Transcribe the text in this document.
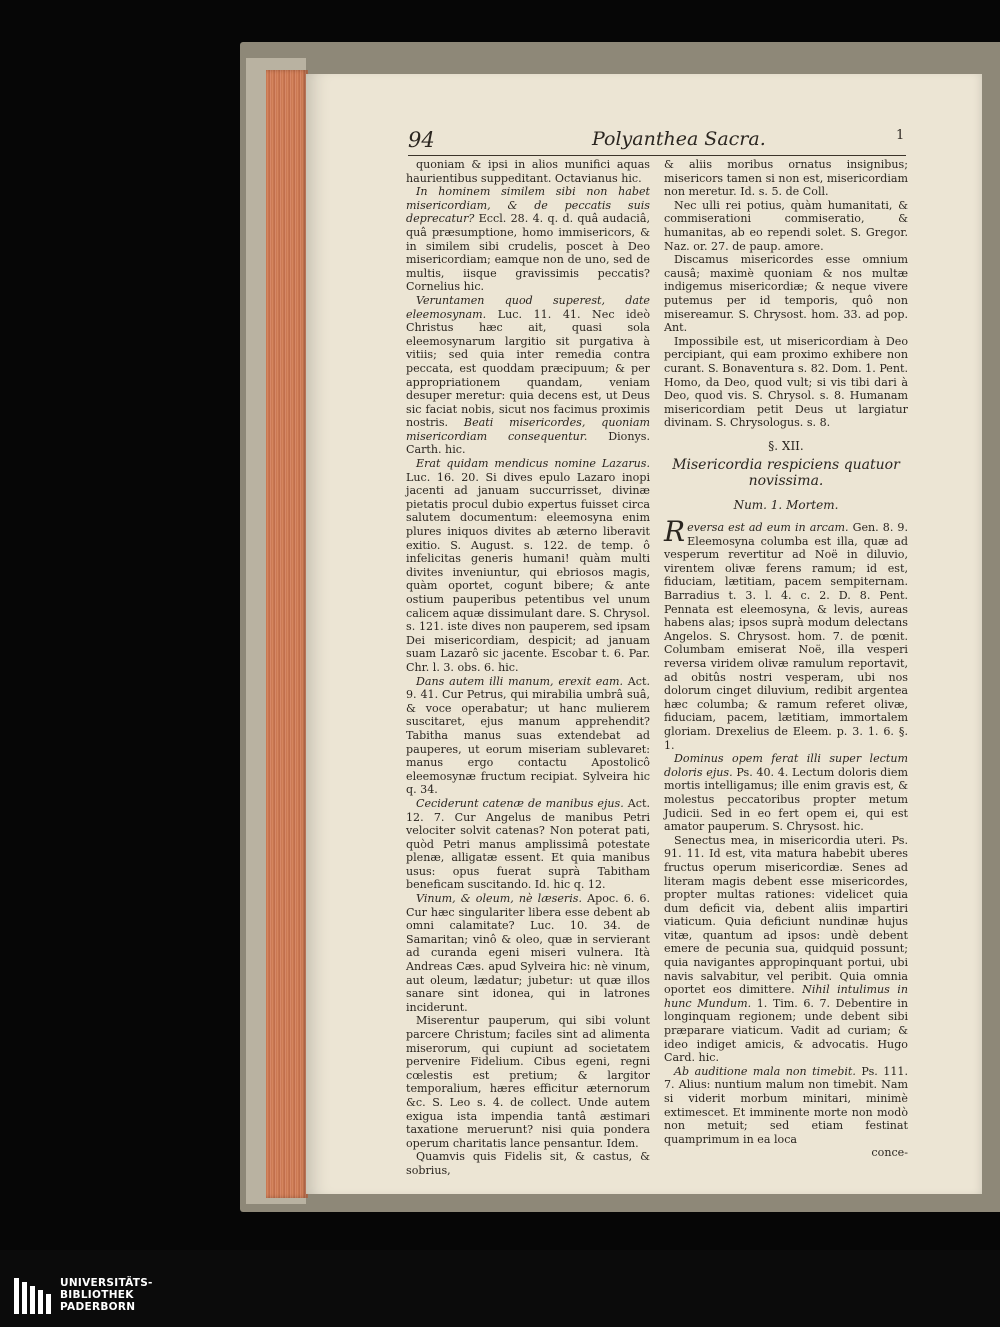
94	Polyanthea Sacra.	1

quoniam & ipsi in alios munifici aquas haurientibus suppeditant. Octavianus hic.

In hominem similem sibi non habet misericordiam, & de peccatis suis deprecatur? Eccl. 28. 4. q. d. quâ audaciâ, quâ præsumptione, homo immisericors, & in similem sibi crudelis, poscet à Deo misericordiam; eamque non de uno, sed de multis, iisque gravissimis peccatis? Cornelius hic.

Veruntamen quod superest, date eleemosynam. Luc. 11. 41. Nec ideò Christus hæc ait, quasi sola eleemosynarum largitio sit purgativa à vitiis; sed quia inter remedia contra peccata, est quoddam præcipuum; & per appropriationem quandam, veniam desuper meretur: quia decens est, ut Deus sic faciat nobis, sicut nos facimus proximis nostris. Beati misericordes, quoniam misericordiam consequentur. Dionys. Carth. hic.

Erat quidam mendicus nomine Lazarus. Luc. 16. 20. Si dives epulo Lazaro inopi jacenti ad januam succurrisset, divinæ pietatis procul dubio expertus fuisset circa salutem documentum: eleemosyna enim plures iniquos divites ab æterno liberavit exitio. S. August. s. 122. de temp. ô infelicitas generis humani! quàm multi divites inveniuntur, qui ebriosos magis, quàm oportet, cogunt bibere; & ante ostium pauperibus petentibus vel unum calicem aquæ dissimulant dare. S. Chrysol. s. 121. iste dives non pauperem, sed ipsam Dei misericordiam, despicit; ad januam suam Lazarô sic jacente. Escobar t. 6. Par. Chr. l. 3. obs. 6. hic.

Dans autem illi manum, erexit eam. Act. 9. 41. Cur Petrus, qui mirabilia umbrâ suâ, & voce operabatur; ut hanc mulierem suscitaret, ejus manum apprehendit? Tabitha manus suas extendebat ad pauperes, ut eorum miseriam sublevaret: manus ergo contactu Apostolicô eleemosynæ fructum recipiat. Sylveira hic q. 34.

Ceciderunt catenæ de manibus ejus. Act. 12. 7. Cur Angelus de manibus Petri velociter solvit catenas? Non poterat pati, quòd Petri manus amplissimâ potestate plenæ, alligatæ essent. Et quia manibus usus: opus fuerat suprà Tabitham beneficam suscitando. Id. hic q. 12.

Vinum, & oleum, nè læseris. Apoc. 6. 6. Cur hæc singulariter libera esse debent ab omni calamitate? Luc. 10. 34. de Samaritan; vinô & oleo, quæ in servierant ad curanda egeni miseri vulnera. Ità Andreas Cæs. apud Sylveira hic: nè vinum, aut oleum, lædatur; jubetur: ut quæ illos sanare sint idonea, qui in latrones inciderunt.

Miserentur pauperum, qui sibi volunt parcere Christum; faciles sint ad alimenta miserorum, qui cupiunt ad societatem pervenire Fidelium. Cibus egeni, regni cœlestis est pretium; & largitor temporalium, hæres efficitur æternorum &c. S. Leo s. 4. de collect. Unde autem exigua ista impendia tantâ æstimari taxatione meruerunt? nisi quia pondera operum charitatis lance pensantur. Idem.

Quamvis quis Fidelis sit, & castus, & sobrius,

& aliis moribus ornatus insignibus; misericors tamen si non est, misericordiam non meretur. Id. s. 5. de Coll.

Nec ulli rei potius, quàm humanitati, & commiserationi commiseratio, & humanitas, ab eo rependi solet. S. Gregor. Naz. or. 27. de paup. amore.

Discamus misericordes esse omnium causâ; maximè quoniam & nos multæ indigemus misericordiæ; & neque vivere putemus per id temporis, quô non misereamur. S. Chrysost. hom. 33. ad pop. Ant.

Impossibile est, ut misericordiam à Deo percipiant, qui eam proximo exhibere non curant. S. Bonaventura s. 82. Dom. 1. Pent. Homo, da Deo, quod vult; si vis tibi dari à Deo, quod vis. S. Chrysol. s. 8. Humanam misericordiam petit Deus ut largiatur divinam. S. Chrysologus. s. 8.

§. XII.

Misericordia respiciens quatuor novissima.

Num. 1. Mortem.

Reversa est ad eum in arcam. Gen. 8. 9. Eleemosyna columba est illa, quæ ad vesperum revertitur ad Noë in diluvio, virentem olivæ ferens ramum; id est, fiduciam, lætitiam, pacem sempiternam. Barradius t. 3. l. 4. c. 2. D. 8. Pent. Pennata est eleemosyna, & levis, aureas habens alas; ipsos suprà modum delectans Angelos. S. Chrysost. hom. 7. de pœnit. Columbam emiserat Noë, illa vesperi reversa viridem olivæ ramulum reportavit, ad obitûs nostri vesperam, ubi nos dolorum cinget diluvium, redibit argentea hæc columba; & ramum referet olivæ, fiduciam, pacem, lætitiam, immortalem gloriam. Drexelius de Eleem. p. 3. 1. 6. §. 1.

Dominus opem ferat illi super lectum doloris ejus. Ps. 40. 4. Lectum doloris diem mortis intelligamus; ille enim gravis est, & molestus peccatoribus propter metum Judicii. Sed in eo fert opem ei, qui est amator pauperum. S. Chrysost. hic.

Senectus mea, in misericordia uteri. Ps. 91. 11. Id est, vita matura habebit uberes fructus operum misericordiæ. Senes ad literam magis debent esse misericordes, propter multas rationes: videlicet quia dum deficit via, debent aliis impartiri viaticum. Quia deficiunt nundinæ hujus vitæ, quantum ad ipsos: undè debent emere de pecunia sua, quidquid possunt; quia navigantes appropinquant portui, ubi navis salvabitur, vel peribit. Quia omnia oportet eos dimittere. Nihil intulimus in hunc Mundum. 1. Tim. 6. 7. Debentire in longinquam regionem; unde debent sibi præparare viaticum. Vadit ad curiam; & ideo indiget amicis, & advocatis. Hugo Card. hic.

Ab auditione mala non timebit. Ps. 111. 7. Alius: nuntium malum non timebit. Nam si viderit morbum minitari, minimè extimescet. Et imminente morte non modò non metuit; sed etiam festinat quamprimum in ea loca

conce-

UNIVERSITÄTS-
BIBLIOTHEK
PADERBORN
